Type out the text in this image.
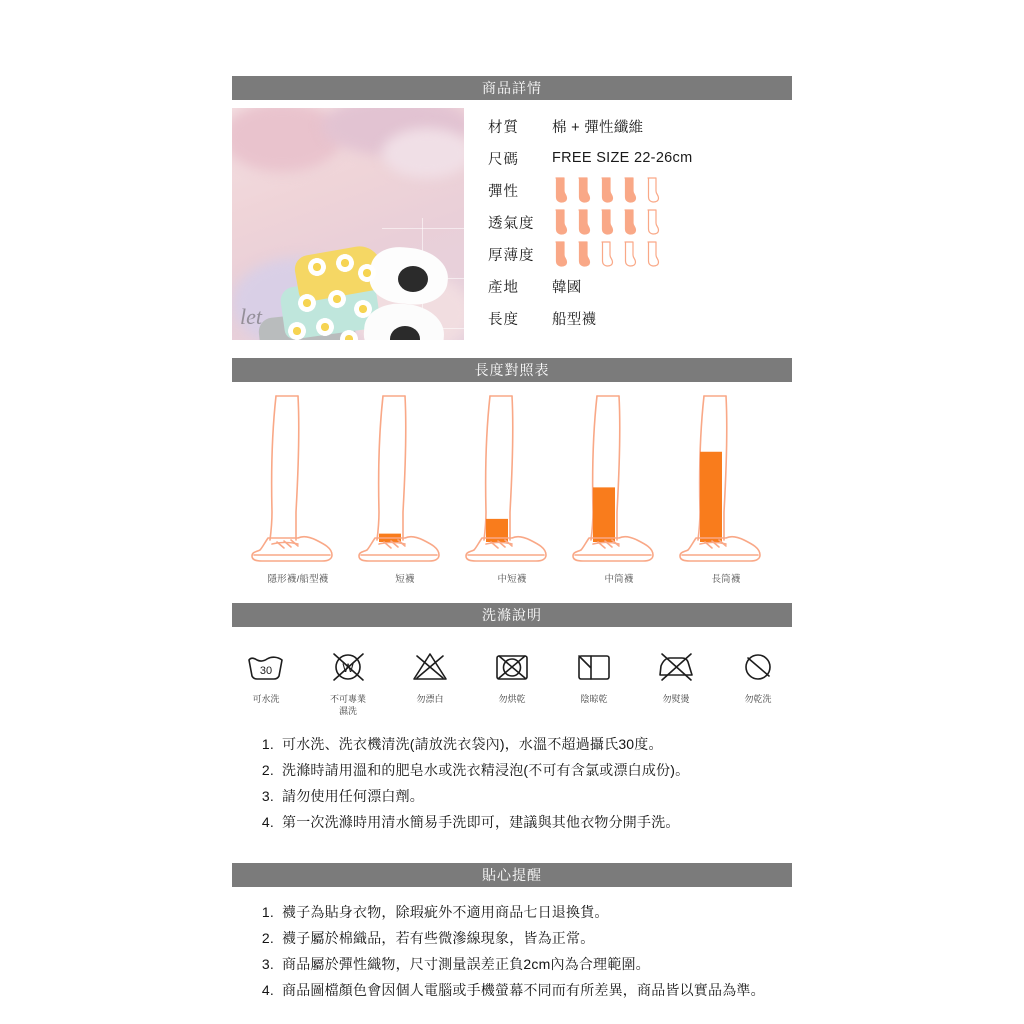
商品詳情
let
材質	棉 + 彈性纖維
尺碼	FREE SIZE 22-26cm
彈性
透氣度
厚薄度
產地	韓國
長度	船型襪
長度對照表
隱形襪/船型襪	短襪	中短襪	中筒襪	長筒襪
洗滌說明
30
可水洗
W
不可專業
濕洗
勿漂白	勿烘乾	陰晾乾	勿熨燙	勿乾洗
1. 可水洗、洗衣機清洗(請放洗衣袋內)，水溫不超過攝氏30度。
2. 洗滌時請用溫和的肥皂水或洗衣精浸泡(不可有含氯或漂白成份)。
3. 請勿使用任何漂白劑。
4. 第一次洗滌時用清水簡易手洗即可，建議與其他衣物分開手洗。
貼心提醒
1. 襪子為貼身衣物，除瑕疵外不適用商品七日退換貨。
2. 襪子屬於棉織品，若有些微滲線現象，皆為正常。
3. 商品屬於彈性織物，尺寸測量誤差正負2cm內為合理範圍。
4. 商品圖檔顏色會因個人電腦或手機螢幕不同而有所差異，商品皆以實品為準。
